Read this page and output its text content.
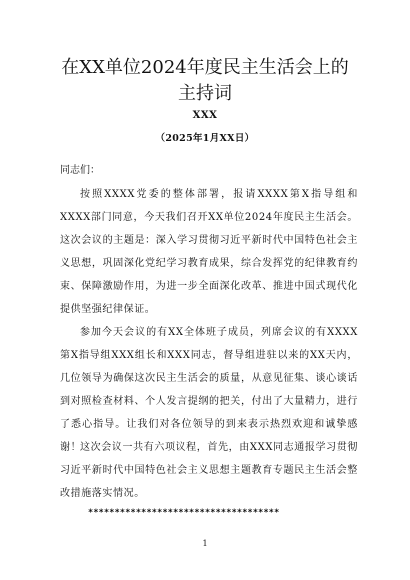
在XX单位2024年度民主生活会上的
主持词
XXX
（2025年1月XX日）
同志们：

按照XXXX党委的整体部署，报请XXXX第X指导组和XXXX部门同意，今天我们召开XX单位2024年度民主生活会。这次会议的主题是：深入学习贯彻习近平新时代中国特色社会主义思想，巩固深化党纪学习教育成果，综合发挥党的纪律教育约束、保障激励作用，为进一步全面深化改革、推进中国式现代化提供坚强纪律保证。

参加今天会议的有XX全体班子成员，列席会议的有XXXX第X指导组XXX组长和XXX同志，督导组进驻以来的XX天内，几位领导为确保这次民主生活会的质量，从意见征集、谈心谈话到对照检查材料、个人发言提纲的把关，付出了大量精力，进行了悉心指导。让我们对各位领导的到来表示热烈欢迎和诚挚感谢！

这次会议一共有六项议程，首先，由XXX同志通报学习贯彻习近平新时代中国特色社会主义思想主题教育专题民主生活会整改措施落实情况。

************************************
1
